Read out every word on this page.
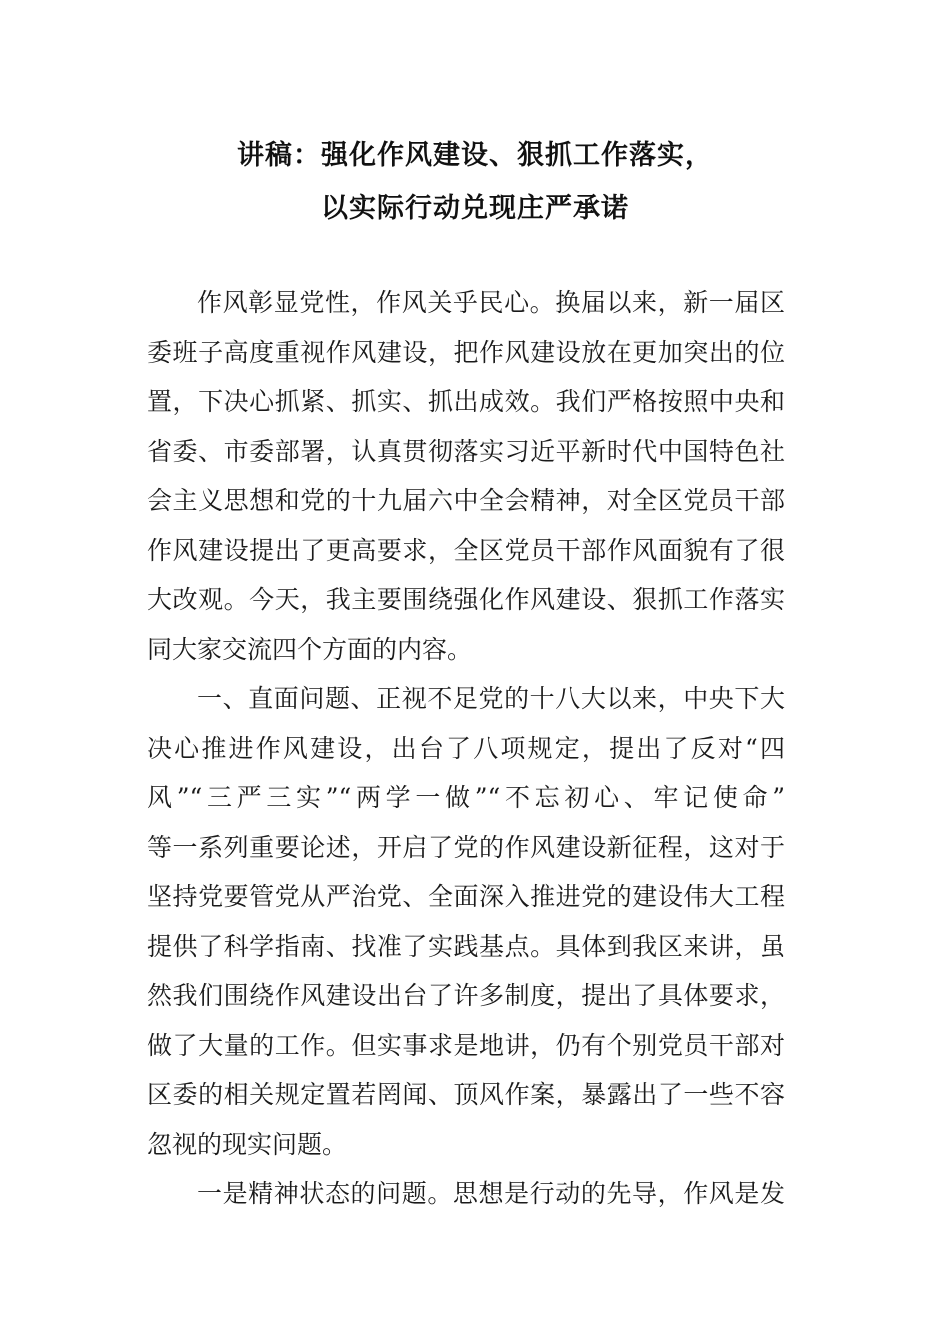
讲稿：强化作风建设、狠抓工作落实，
以实际行动兑现庄严承诺
作风彰显党性，作风关乎民心。换届以来，新一届区
委班子高度重视作风建设，把作风建设放在更加突出的位
置，下决心抓紧、抓实、抓出成效。我们严格按照中央和
省委、市委部署，认真贯彻落实习近平新时代中国特色社
会主义思想和党的十九届六中全会精神，对全区党员干部
作风建设提出了更高要求，全区党员干部作风面貌有了很
大改观。今天，我主要围绕强化作风建设、狠抓工作落实
同大家交流四个方面的内容。
一、直面问题、正视不足党的十八大以来，中央下大
决心推进作风建设，出台了八项规定，提出了反对“四
风”“三严三实”“两学一做”“不忘初心、牢记使命”
等一系列重要论述，开启了党的作风建设新征程，这对于
坚持党要管党从严治党、全面深入推进党的建设伟大工程
提供了科学指南、找准了实践基点。具体到我区来讲，虽
然我们围绕作风建设出台了许多制度，提出了具体要求，
做了大量的工作。但实事求是地讲，仍有个别党员干部对
区委的相关规定置若罔闻、顶风作案，暴露出了一些不容
忽视的现实问题。
一是精神状态的问题。思想是行动的先导，作风是发
